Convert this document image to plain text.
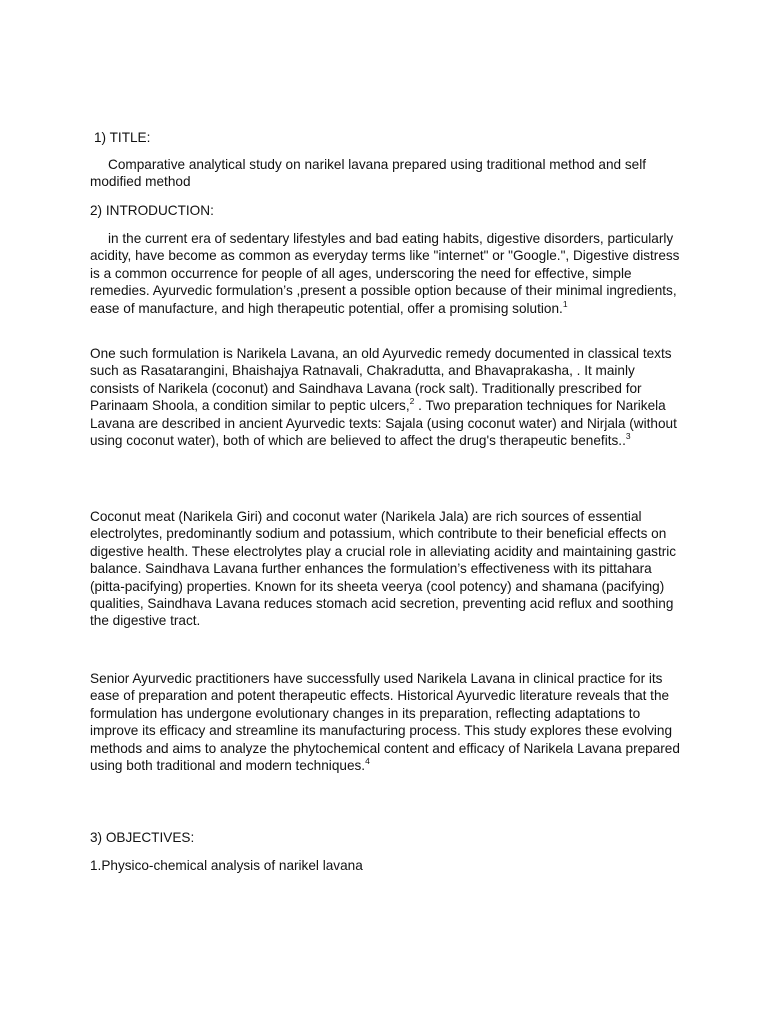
1) TITLE:

Comparative analytical study on narikel lavana prepared using traditional method and self modified method

2) INTRODUCTION:

in the current era of sedentary lifestyles and bad eating habits, digestive disorders, particularly acidity, have become as common as everyday terms like "internet" or "Google.", Digestive distress is a common occurrence for people of all ages, underscoring the need for effective, simple remedies. Ayurvedic formulation’s ,present a possible option because of their minimal ingredients, ease of manufacture, and high therapeutic potential, offer a promising solution.$^1$

One such formulation is Narikela Lavana, an old Ayurvedic remedy documented in classical texts such as Rasatarangini, Bhaishajya Ratnavali, Chakradutta, and Bhavaprakasha, . It mainly consists of Narikela (coconut) and Saindhava Lavana (rock salt). Traditionally prescribed for Parinaam Shoola, a condition similar to peptic ulcers,$^2$ . Two preparation techniques for Narikela Lavana are described in ancient Ayurvedic texts: Sajala (using coconut water) and Nirjala (without using coconut water), both of which are believed to affect the drug's therapeutic benefits..$^3$

Coconut meat (Narikela Giri) and coconut water (Narikela Jala) are rich sources of essential electrolytes, predominantly sodium and potassium, which contribute to their beneficial effects on digestive health. These electrolytes play a crucial role in alleviating acidity and maintaining gastric balance. Saindhava Lavana further enhances the formulation’s effectiveness with its pittahara (pitta-pacifying) properties. Known for its sheeta veerya (cool potency) and shamana (pacifying) qualities, Saindhava Lavana reduces stomach acid secretion, preventing acid reflux and soothing the digestive tract.

Senior Ayurvedic practitioners have successfully used Narikela Lavana in clinical practice for its ease of preparation and potent therapeutic effects. Historical Ayurvedic literature reveals that the formulation has undergone evolutionary changes in its preparation, reflecting adaptations to improve its efficacy and streamline its manufacturing process. This study explores these evolving methods and aims to analyze the phytochemical content and efficacy of Narikela Lavana prepared using both traditional and modern techniques.$^4$

3) OBJECTIVES:

1.Physico-chemical analysis of narikel lavana
